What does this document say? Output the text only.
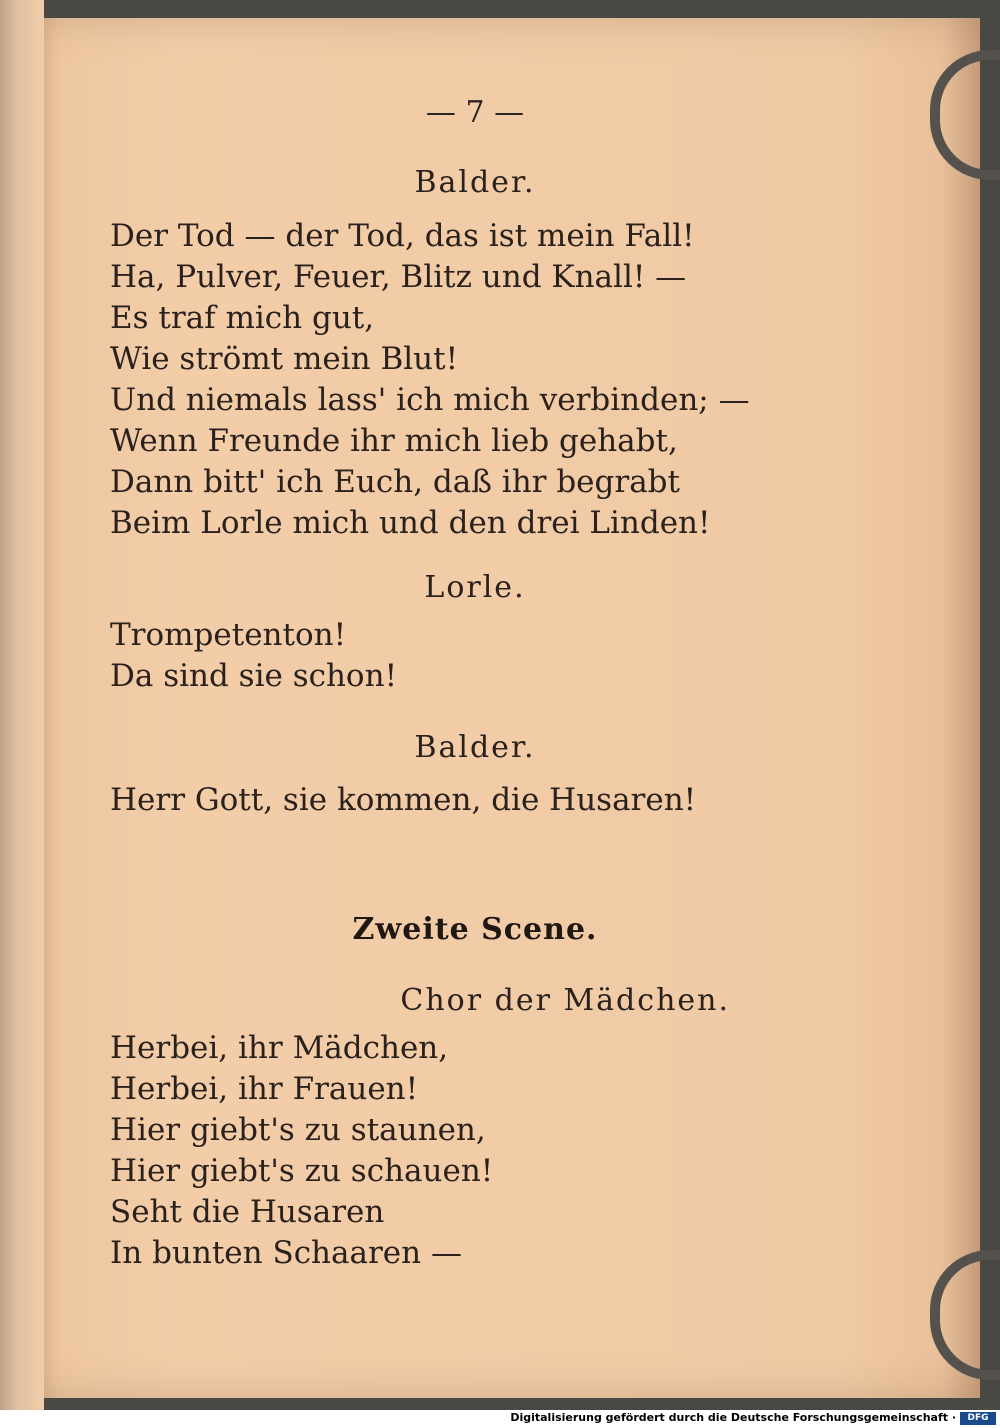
— 7 —
Balder.
Der Tod — der Tod, das ist mein Fall!
Ha, Pulver, Feuer, Blitz und Knall! —
Es traf mich gut,
Wie strömt mein Blut!
Und niemals lass' ich mich verbinden; —
Wenn Freunde ihr mich lieb gehabt,
Dann bitt' ich Euch, daß ihr begrabt
Beim Lorle mich und den drei Linden!
Lorle.
Trompetenton!
Da sind sie schon!
Balder.
Herr Gott, sie kommen, die Husaren!
Zweite Scene.
Chor der Mädchen.
Herbei, ihr Mädchen,
Herbei, ihr Frauen!
Hier giebt's zu staunen,
Hier giebt's zu schauen!
Seht die Husaren
In bunten Schaaren —
Digitalisierung gefördert durch die Deutsche Forschungsgemeinschaft ·	DFG
